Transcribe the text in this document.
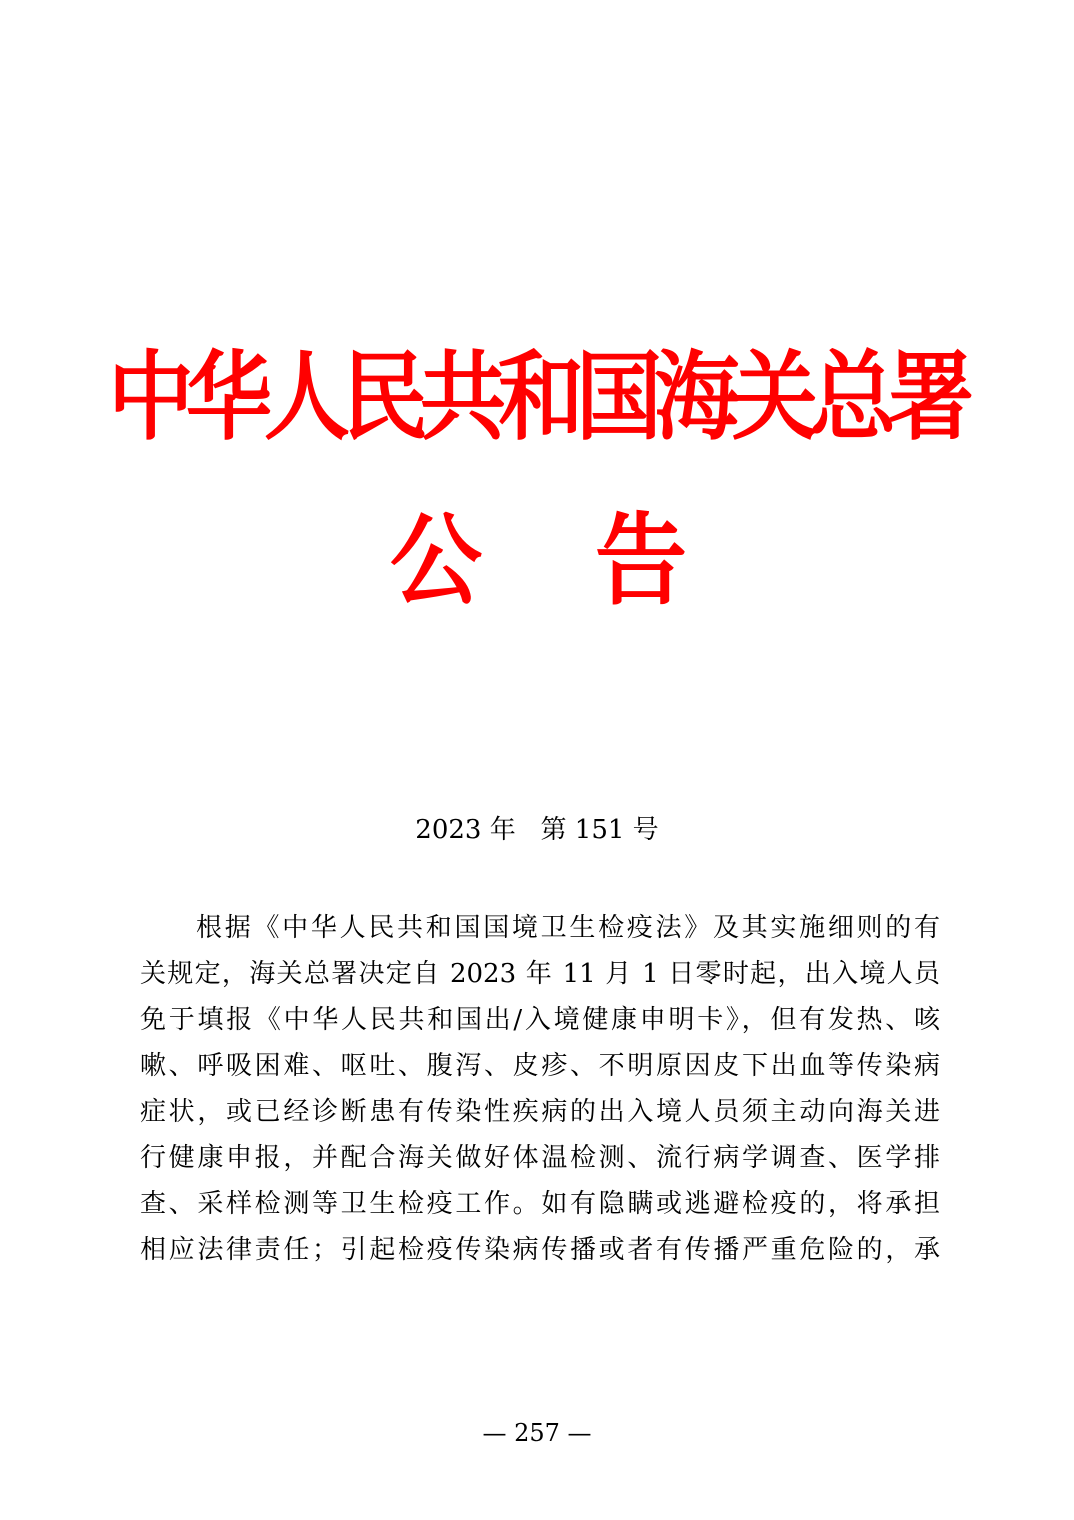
中华人民共和国海关总署
公 告
2023 年   第 151 号
根据《中华人民共和国国境卫生检疫法》及其实施细则的有
关规定，海关总署决定自 2023 年 11 月 1 日零时起，出入境人员
免于填报《中华人民共和国出/入境健康申明卡》，但有发热、咳
嗽、呼吸困难、呕吐、腹泻、皮疹、不明原因皮下出血等传染病
症状，或已经诊断患有传染性疾病的出入境人员须主动向海关进
行健康申报，并配合海关做好体温检测、流行病学调查、医学排
查、采样检测等卫生检疫工作。如有隐瞒或逃避检疫的，将承担
相应法律责任；引起检疫传染病传播或者有传播严重危险的，承
— 257 —
